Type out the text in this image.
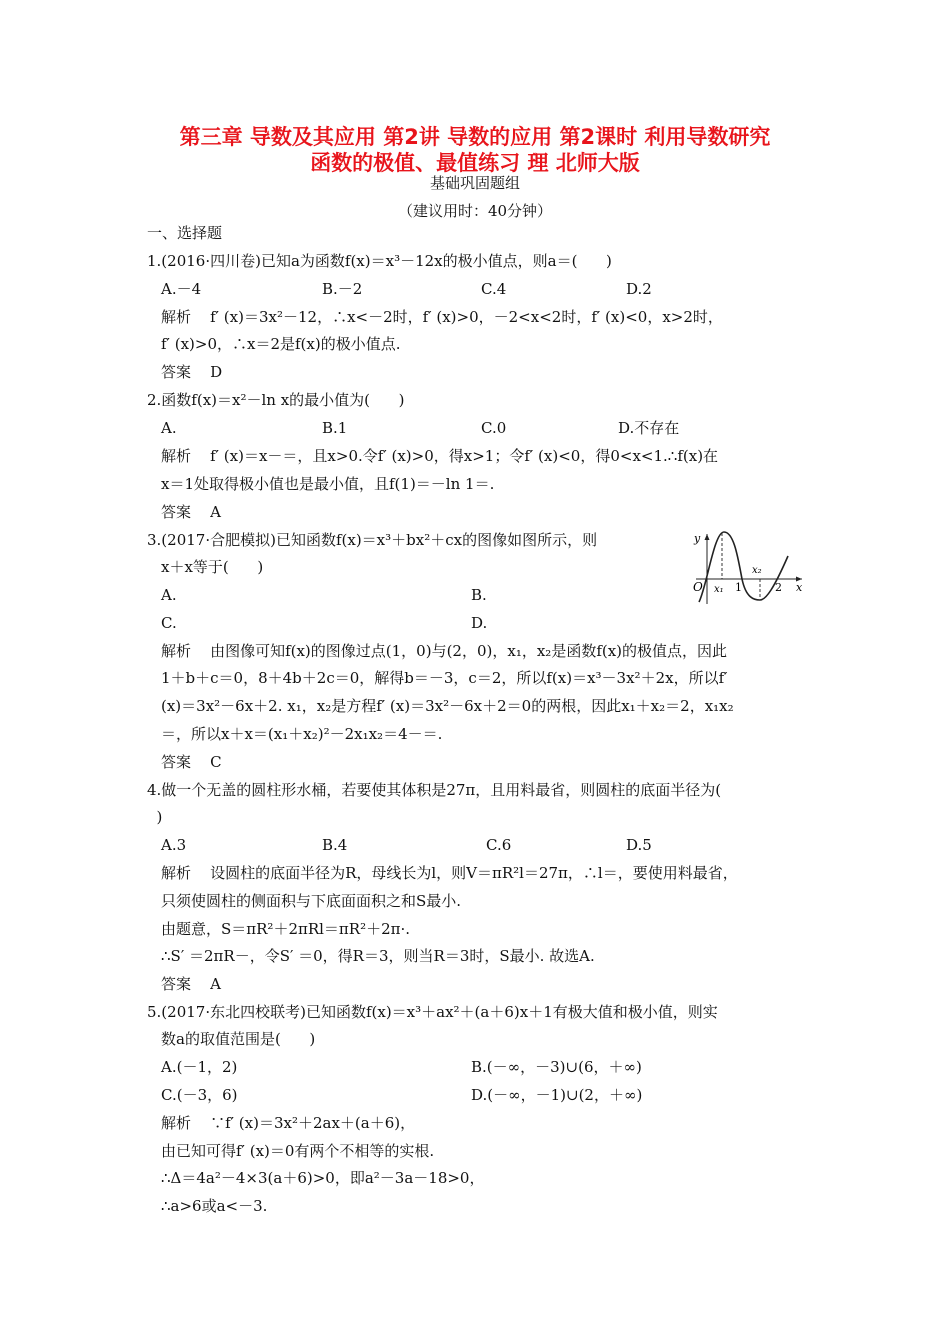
第三章 导数及其应用 第2讲 导数的应用 第2课时 利用导数研究
函数的极值、最值练习 理 北师大版
基础巩固题组
（建议用时：40分钟）
一、选择题
1.(2016·四川卷)已知a为函数f(x)＝x³－12x的极小值点，则a＝(      )
A.－4	B.－2	C.4	D.2
解析    f′ (x)＝3x²－12，∴x<－2时，f′ (x)>0，－2<x<2时，f′ (x)<0，x>2时，
f′ (x)>0，∴x＝2是f(x)的极小值点.
答案    D
2.函数f(x)＝x²－ln x的最小值为(      )
A.	B.1	C.0	D.不存在
解析    f′ (x)＝x－＝，且x>0.令f′ (x)>0，得x>1；令f′ (x)<0，得0<x<1.∴f(x)在
x＝1处取得极小值也是最小值，且f(1)＝－ln 1＝.
答案    A
3.(2017·合肥模拟)已知函数f(x)＝x³＋bx²＋cx的图像如图所示，则
x＋x等于(      )
A.	B.
C.	D.
y
O x₁ 1
x₂
2 x
解析    由图像可知f(x)的图像过点(1，0)与(2，0)，x₁，x₂是函数f(x)的极值点，因此
1＋b＋c＝0，8＋4b＋2c＝0，解得b＝－3，c＝2，所以f(x)＝x³－3x²＋2x，所以f′
(x)＝3x²－6x＋2. x₁，x₂是方程f′ (x)＝3x²－6x＋2＝0的两根，因此x₁＋x₂＝2，x₁x₂
＝，所以x＋x＝(x₁＋x₂)²－2x₁x₂＝4－＝.
答案    C
4.做一个无盖的圆柱形水桶，若要使其体积是27π，且用料最省，则圆柱的底面半径为(
)
A.3	B.4	C.6	D.5
解析    设圆柱的底面半径为R，母线长为l，则V＝πR²l＝27π，∴l＝，要使用料最省，
只须使圆柱的侧面积与下底面面积之和S最小.
由题意，S＝πR²＋2πRl＝πR²＋2π·.
∴S′ ＝2πR－，令S′ ＝0，得R＝3，则当R＝3时，S最小. 故选A.
答案    A
5.(2017·东北四校联考)已知函数f(x)＝x³＋ax²＋(a＋6)x＋1有极大值和极小值，则实
数a的取值范围是(      )
A.(－1，2)	B.(－∞，－3)∪(6，＋∞)
C.(－3，6)	D.(－∞，－1)∪(2，＋∞)
解析    ∵f′ (x)＝3x²＋2ax＋(a＋6)，
由已知可得f′ (x)＝0有两个不相等的实根.
∴Δ＝4a²－4×3(a＋6)>0，即a²－3a－18>0，
∴a>6或a<－3.
